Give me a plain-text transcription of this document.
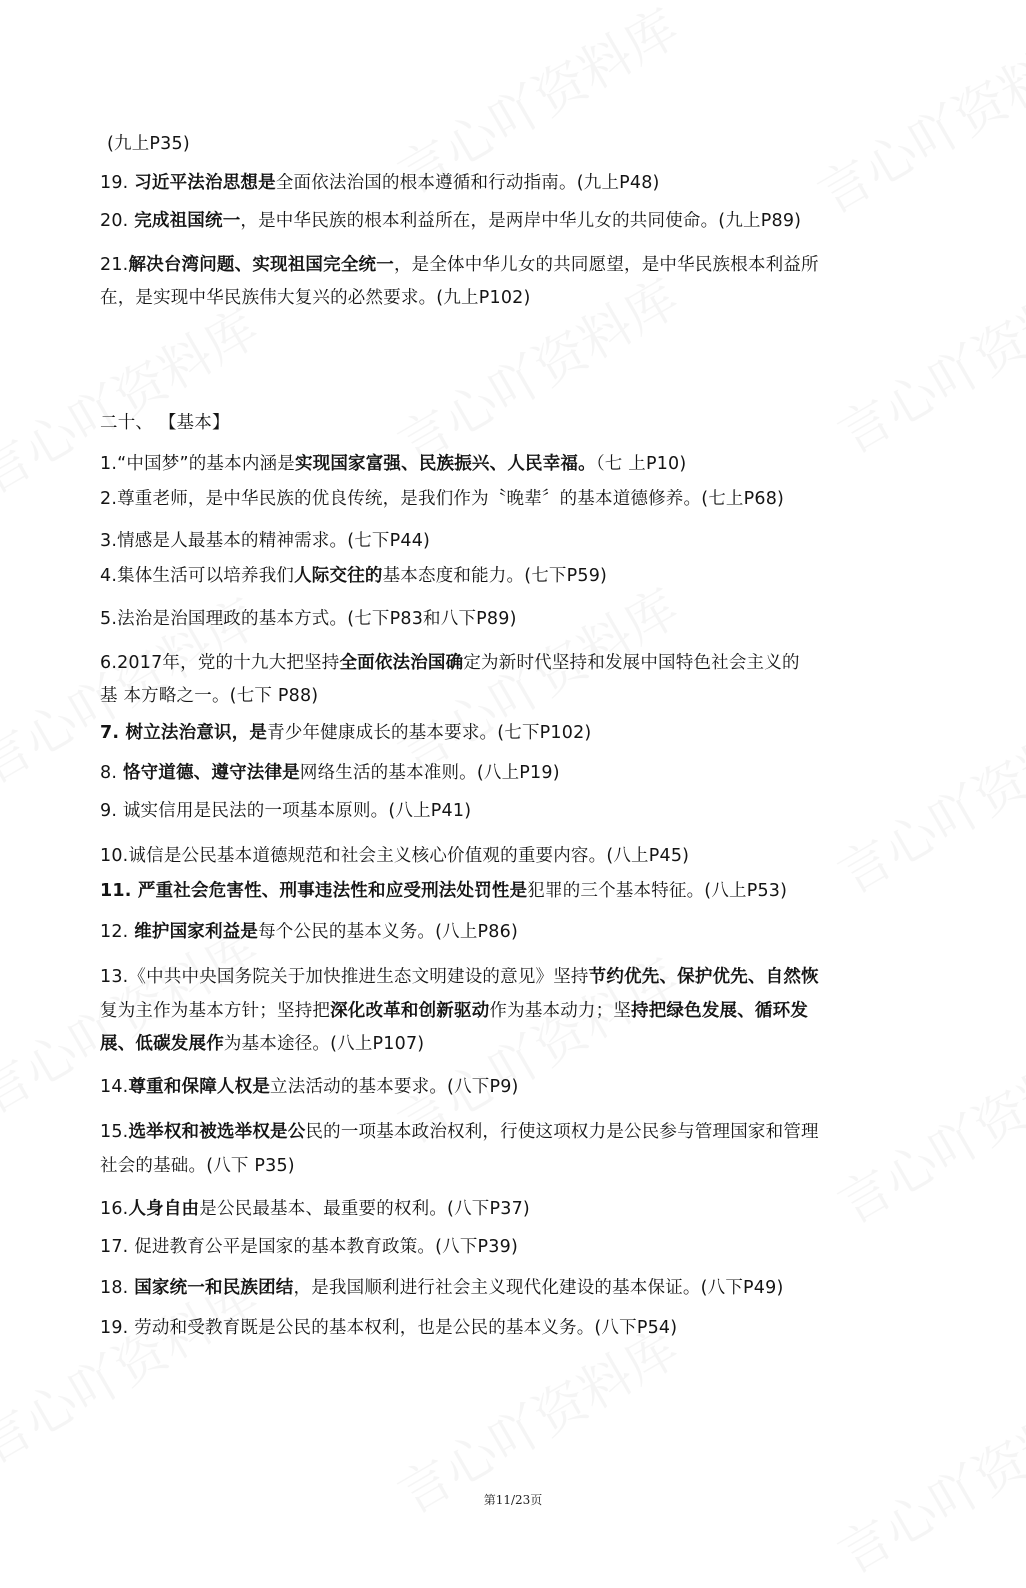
(九上P35)
19. 习近平法治思想是全面依法治国的根本遵循和行动指南。(九上P48)
20. 完成祖国统一，是中华民族的根本利益所在，是两岸中华儿女的共同使命。(九上P89)
21.解决台湾问题、实现祖国完全统一，是全体中华儿女的共同愿望，是中华民族根本利益所
在，是实现中华民族伟大复兴的必然要求。(九上P102)
二十、 【基本】
1.“中国梦”的基本内涵是实现国家富强、民族振兴、人民幸福。（七 上P10)
2.尊重老师，是中华民族的优良传统，是我们作为〝晚辈〞的基本道德修养。(七上P68)
3.情感是人最基本的精神需求。(七下P44)
4.集体生活可以培养我们人际交往的基本态度和能力。(七下P59)
5.法治是治国理政的基本方式。(七下P83和八下P89)
6.2017年，党的十九大把坚持全面依法治国确定为新时代坚持和发展中国特色社会主义的
基 本方略之一。(七下 P88)
7. 树立法治意识，是青少年健康成长的基本要求。(七下P102)
8. 恪守道德、遵守法律是网络生活的基本准则。(八上P19)
9. 诚实信用是民法的一项基本原则。(八上P41)
10.诚信是公民基本道德规范和社会主义核心价值观的重要内容。(八上P45)
11. 严重社会危害性、刑事违法性和应受刑法处罚性是犯罪的三个基本特征。(八上P53)
12. 维护国家利益是每个公民的基本义务。(八上P86)
13.《中共中央国务院关于加快推进生态文明建设的意见》坚持节约优先、保护优先、自然恢
复为主作为基本方针；坚持把深化改革和创新驱动作为基本动力；坚持把绿色发展、循环发
展、低碳发展作为基本途径。(八上P107)
14.尊重和保障人权是立法活动的基本要求。(八下P9)
15.选举权和被选举权是公民的一项基本政治权利，行使这项权力是公民参与管理国家和管理
社会的基础。(八下 P35)
16.人身自由是公民最基本、最重要的权利。(八下P37)
17. 促进教育公平是国家的基本教育政策。(八下P39)
18. 国家统一和民族团结，是我国顺利进行社会主义现代化建设的基本保证。(八下P49)
19. 劳动和受教育既是公民的基本权利，也是公民的基本义务。(八下P54)
第11/23页
